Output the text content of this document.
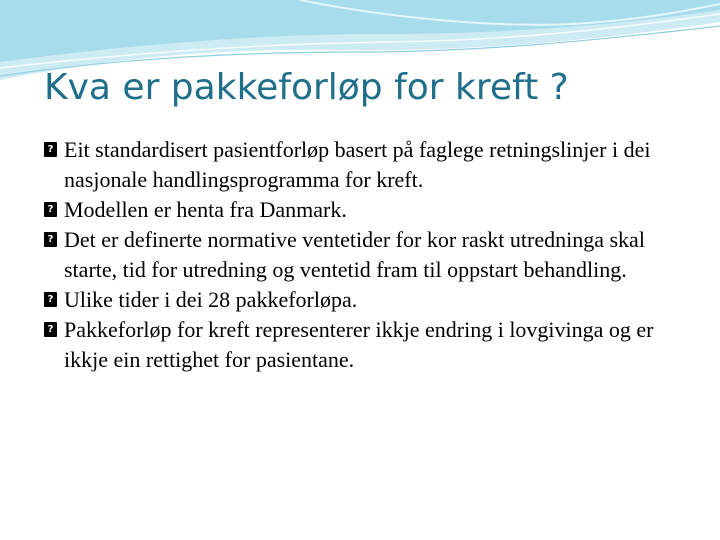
Kva er pakkeforløp for kreft ?
? Eit standardisert pasientforløp basert på faglege retningslinjer i dei nasjonale handlingsprogramma for kreft.
? Modellen er henta fra Danmark.
? Det er definerte normative ventetider for kor raskt utredninga skal starte, tid for utredning og ventetid fram til oppstart behandling.
? Ulike tider i dei 28 pakkeforløpa.
? Pakkeforløp for kreft representerer ikkje endring i lovgivinga og er ikkje ein rettighet for pasientane.
